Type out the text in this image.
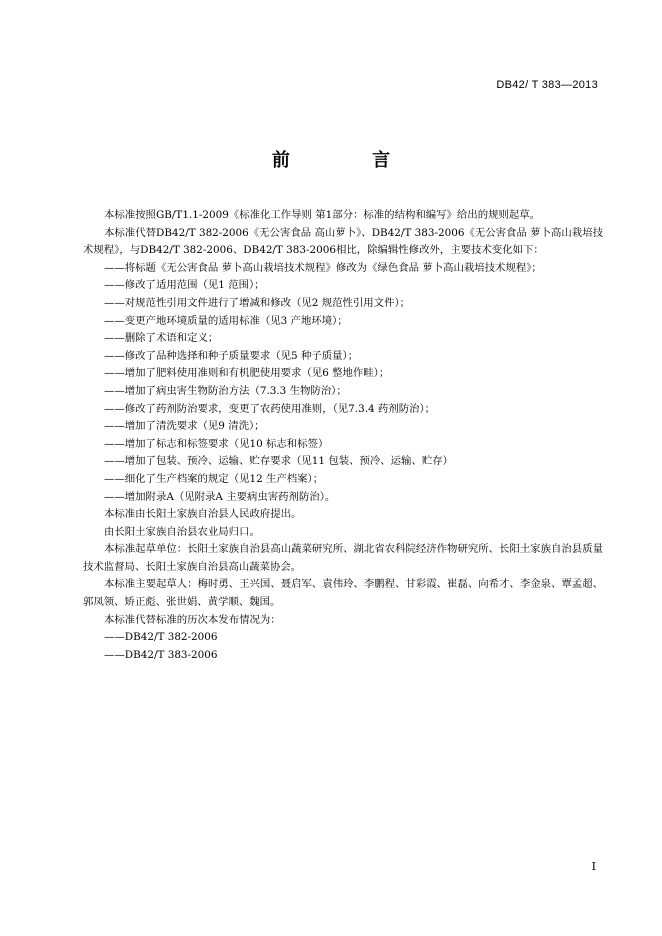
DB42/ T 383—2013
前 言

本标准按照GB/T1.1-2009《标准化工作导则 第1部分：标准的结构和编写》给出的规则起草。

本标准代替DB42/T 382-2006《无公害食品 高山萝卜》、DB42/T 383-2006《无公害食品 萝卜高山栽培技术规程》，与DB42/T 382-2006、DB42/T 383-2006相比，除编辑性修改外，主要技术变化如下：

——将标题《无公害食品 萝卜高山栽培技术规程》修改为《绿色食品 萝卜高山栽培技术规程》；

——修改了适用范围（见1 范围）；

——对规范性引用文件进行了增减和修改（见2 规范性引用文件）；

——变更产地环境质量的适用标准（见3 产地环境）；

——删除了术语和定义；

——修改了品种选择和种子质量要求（见5 种子质量）；

——增加了肥料使用准则和有机肥使用要求（见6 整地作畦）；

——增加了病虫害生物防治方法（7.3.3 生物防治）；

——修改了药剂防治要求，变更了农药使用准则，（见7.3.4 药剂防治）；

——增加了清洗要求（见9 清洗）；

——增加了标志和标签要求（见10 标志和标签）

——增加了包装、预冷、运输、贮存要求（见11 包装、预冷、运输、贮存）

——细化了生产档案的规定（见12 生产档案）；

——增加附录A（见附录A 主要病虫害药剂防治）。

本标准由长阳土家族自治县人民政府提出。

由长阳土家族自治县农业局归口。

本标准起草单位：长阳土家族自治县高山蔬菜研究所、湖北省农科院经济作物研究所、长阳土家族自治县质量技术监督局、长阳土家族自治县高山蔬菜协会。

本标准主要起草人：梅时勇、王兴国、聂启军、袁伟玲、李鹏程、甘彩霞、崔磊、向希才、李金泉、覃孟超、郭凤领、矫正彪、张世娟、黄学顺、魏国。

本标准代替标准的历次本发布情况为：

——DB42/T 382-2006

——DB42/T 383-2006

I
